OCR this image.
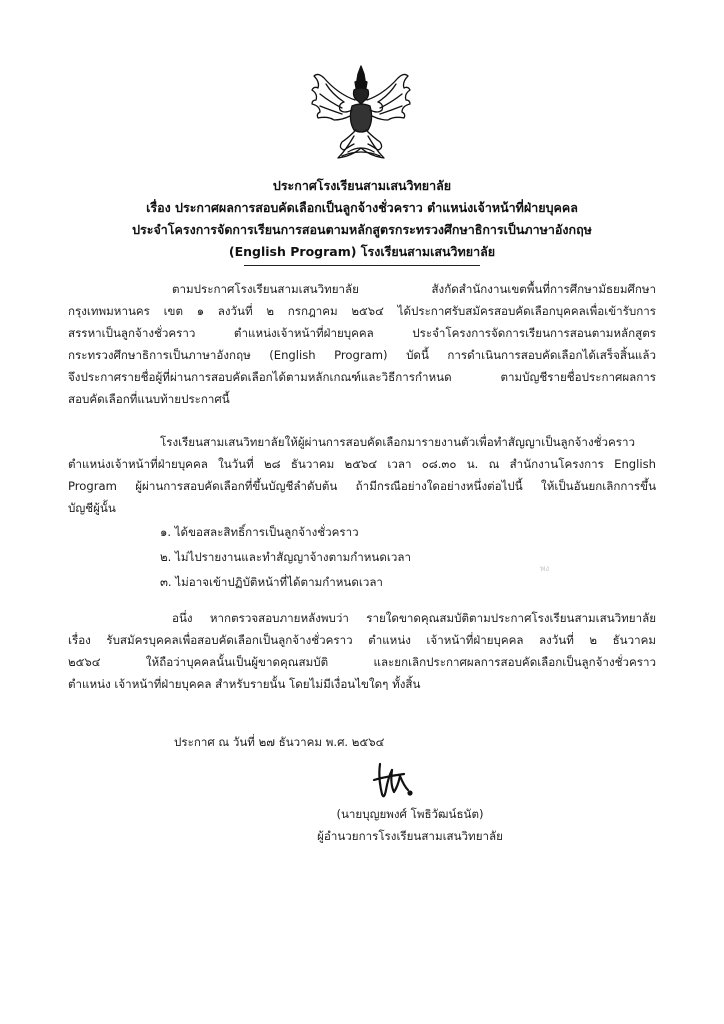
ประกาศโรงเรียนสามเสนวิทยาลัย
เรื่อง ประกาศผลการสอบคัดเลือกเป็นลูกจ้างชั่วคราว ตำแหน่งเจ้าหน้าที่ฝ่ายบุคคล
ประจำโครงการจัดการเรียนการสอนตามหลักสูตรกระทรวงศึกษาธิการเป็นภาษาอังกฤษ
(English Program) โรงเรียนสามเสนวิทยาลัย
ตามประกาศโรงเรียนสามเสนวิทยาลัย สังกัดสำนักงานเขตพื้นที่การศึกษามัธยมศึกษา
กรุงเทพมหานคร เขต ๑ ลงวันที่ ๒ กรกฎาคม ๒๕๖๔ ได้ประกาศรับสมัครสอบคัดเลือกบุคคลเพื่อเข้ารับการ
สรรหาเป็นลูกจ้างชั่วคราว ตำแหน่งเจ้าหน้าที่ฝ่ายบุคคล ประจำโครงการจัดการเรียนการสอนตามหลักสูตร
กระทรวงศึกษาธิการเป็นภาษาอังกฤษ (English Program) บัดนี้ การดำเนินการสอบคัดเลือกได้เสร็จสิ้นแล้ว
จึงประกาศรายชื่อผู้ที่ผ่านการสอบคัดเลือกได้ตามหลักเกณฑ์และวิธีการกำหนด ตามบัญชีรายชื่อประกาศผลการ
สอบคัดเลือกที่แนบท้ายประกาศนี้
โรงเรียนสามเสนวิทยาลัยให้ผู้ผ่านการสอบคัดเลือกมารายงานตัวเพื่อทำสัญญาเป็นลูกจ้างชั่วคราว
ตำแหน่งเจ้าหน้าที่ฝ่ายบุคคล ในวันที่ ๒๘ ธันวาคม ๒๕๖๔ เวลา ๐๘.๓๐ น. ณ สำนักงานโครงการ English
Program ผู้ผ่านการสอบคัดเลือกที่ขึ้นบัญชีลำดับต้น ถ้ามีกรณีอย่างใดอย่างหนึ่งต่อไปนี้ ให้เป็นอันยกเลิกการขึ้น
บัญชีผู้นั้น
๑. ได้ขอสละสิทธิ์การเป็นลูกจ้างชั่วคราว
๒. ไม่ไปรายงานและทำสัญญาจ้างตามกำหนดเวลา
๓. ไม่อาจเข้าปฏิบัติหน้าที่ได้ตามกำหนดเวลา
พง
อนึ่ง หากตรวจสอบภายหลังพบว่า รายใดขาดคุณสมบัติตามประกาศโรงเรียนสามเสนวิทยาลัย
เรื่อง รับสมัครบุคคลเพื่อสอบคัดเลือกเป็นลูกจ้างชั่วคราว ตำแหน่ง เจ้าหน้าที่ฝ่ายบุคคล ลงวันที่ ๒ ธันวาคม
๒๕๖๔ ให้ถือว่าบุคคลนั้นเป็นผู้ขาดคุณสมบัติ และยกเลิกประกาศผลการสอบคัดเลือกเป็นลูกจ้างชั่วคราว
ตำแหน่ง เจ้าหน้าที่ฝ่ายบุคคล สำหรับรายนั้น โดยไม่มีเงื่อนไขใดๆ ทั้งสิ้น
ประกาศ ณ วันที่ ๒๗ ธันวาคม พ.ศ. ๒๕๖๔
(นายบุญยพงศ์ โพธิวัฒน์ธนัต)
ผู้อำนวยการโรงเรียนสามเสนวิทยาลัย
